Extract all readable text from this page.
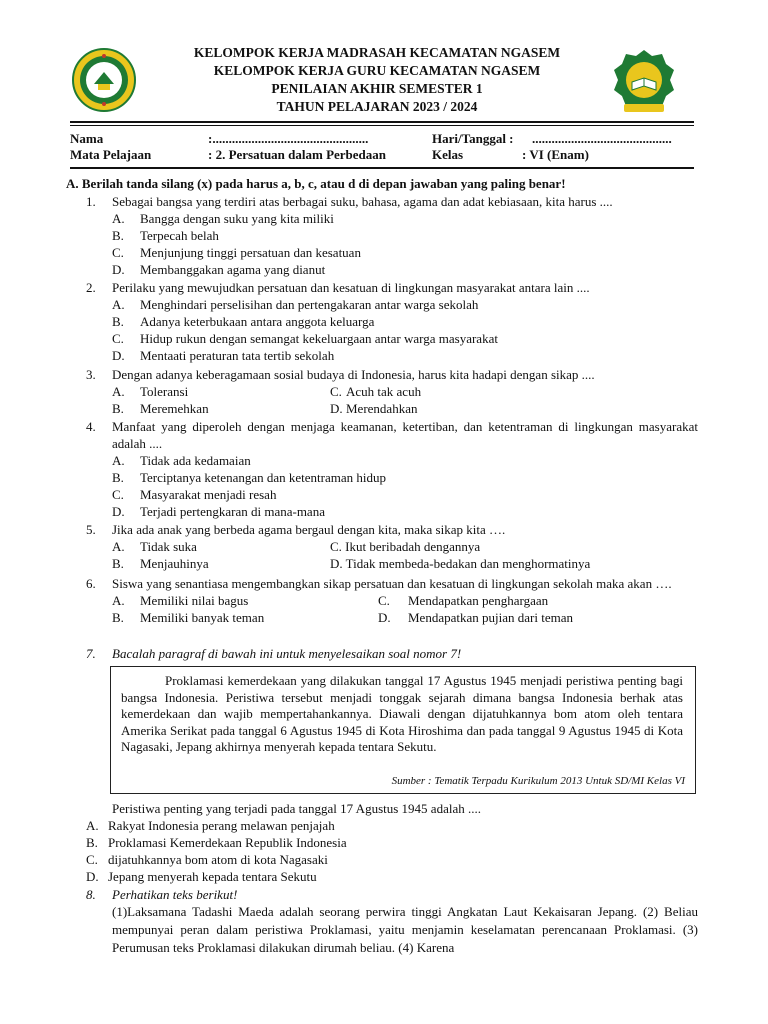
KELOMPOK KERJA MADRASAH KECAMATAN NGASEM
KELOMPOK KERJA GURU KECAMATAN NGASEM
PENILAIAN AKHIR SEMESTER 1
TAHUN PELAJARAN 2023 / 2024
Nama	:................................................	Hari/Tanggal : ...........................................
Mata Pelajaan	: 2. Persatuan dalam Perbedaan	Kelas	: VI (Enam)
A. Berilah tanda silang (x) pada harus a, b, c, atau d di depan jawaban yang paling benar!
1. Sebagai bangsa yang terdiri atas berbagai suku, bahasa, agama dan adat kebiasaan, kita harus ....
A. Bangga dengan suku yang kita miliki
B. Terpecah belah
C. Menjunjung tinggi persatuan dan kesatuan
D. Membanggakan agama yang dianut
2. Perilaku yang mewujudkan persatuan dan kesatuan di lingkungan masyarakat antara lain ....
A. Menghindari perselisihan dan pertengakaran antar warga sekolah
B. Adanya keterbukaan antara anggota keluarga
C. Hidup rukun dengan semangat kekeluargaan antar warga masyarakat
D. Mentaati peraturan tata tertib sekolah
3. Dengan adanya keberagamaan sosial budaya di Indonesia, harus kita hadapi dengan sikap ....
A. Toleransi	C. Acuh tak acuh
B. Meremehkan	D. Merendahkan
4. Manfaat yang diperoleh dengan menjaga keamanan, ketertiban, dan ketentraman di lingkungan masyarakat adalah ....
A. Tidak ada kedamaian
B. Terciptanya ketenangan dan ketentraman hidup
C. Masyarakat menjadi resah
D. Terjadi pertengkaran di mana-mana
5. Jika ada anak yang berbeda agama bergaul dengan kita, maka sikap kita ….
A. Tidak suka	C. Ikut beribadah dengannya
B. Menjauhinya	D. Tidak membeda-bedakan dan menghormatinya
6. Siswa yang senantiasa mengembangkan sikap persatuan dan kesatuan di lingkungan sekolah maka akan ….
A. Memiliki nilai bagus	C. Mendapatkan penghargaan
B. Memiliki banyak teman	D. Mendapatkan pujian dari teman
7. Bacalah paragraf di bawah ini untuk menyelesaikan soal nomor 7!

Proklamasi kemerdekaan yang dilakukan tanggal 17 Agustus 1945 menjadi peristiwa penting bagi bangsa Indonesia. Peristiwa tersebut menjadi tonggak sejarah dimana bangsa Indonesia berhak atas kemerdekaan dan wajib mempertahankannya. Diawali dengan dijatuhkannya bom atom oleh tentara Amerika Serikat pada tanggal 6 Agustus 1945 di Kota Hiroshima dan pada tanggal 9 Agustus 1945 di Kota Nagasaki, Jepang akhirnya menyerah kepada tentara Sekutu.

Sumber : Tematik Terpadu Kurikulum 2013 Untuk SD/MI Kelas VI
Peristiwa penting yang terjadi pada tanggal 17 Agustus 1945 adalah ....
A. Rakyat Indonesia perang melawan penjajah
B. Proklamasi Kemerdekaan Republik Indonesia
C. dijatuhkannya bom atom di kota Nagasaki
D. Jepang menyerah kepada tentara Sekutu
8. Perhatikan teks berikut!
(1)Laksamana Tadashi Maeda adalah seorang perwira tinggi Angkatan Laut Kekaisaran Jepang. (2) Beliau mempunyai peran dalam peristiwa Proklamasi, yaitu menjamin keselamatan perencanaan Proklamasi. (3) Perumusan teks Proklamasi dilakukan dirumah beliau. (4) Karena
